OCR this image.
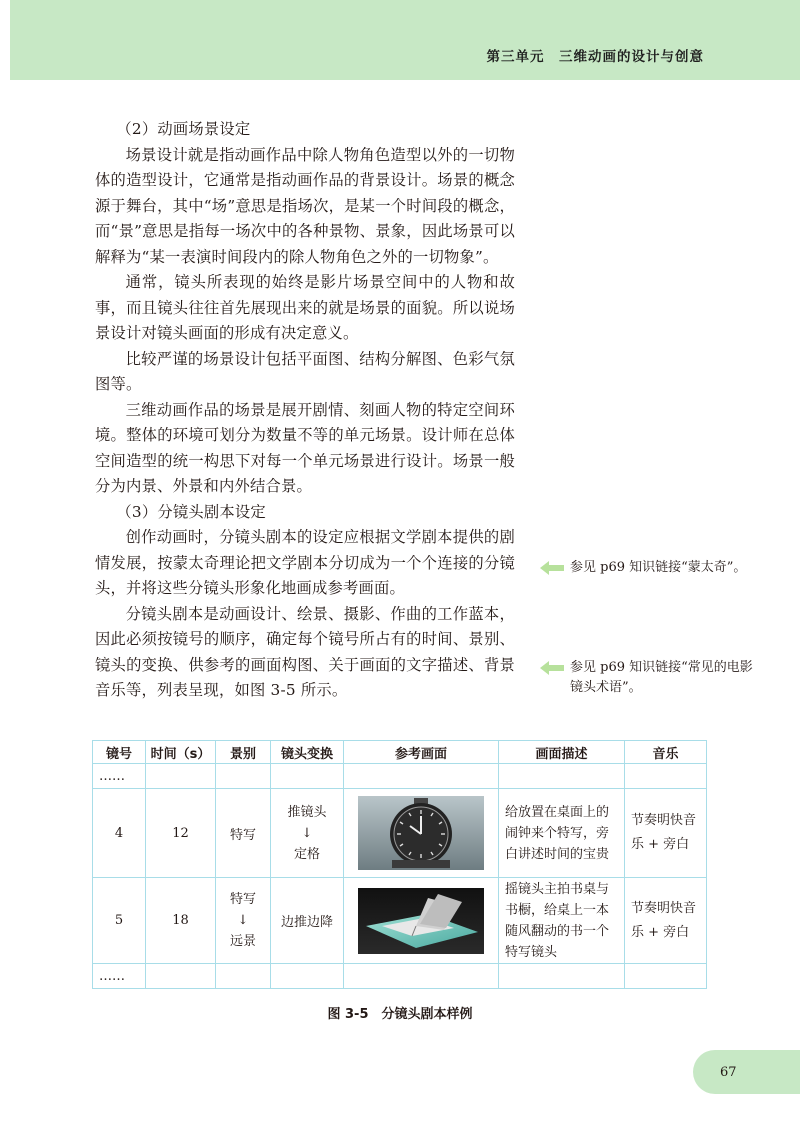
第三单元　三维动画的设计与创意

（2）动画场景设定

场景设计就是指动画作品中除人物角色造型以外的一切物体的造型设计，它通常是指动画作品的背景设计。场景的概念源于舞台，其中“场”意思是指场次，是某一个时间段的概念，而“景”意思是指每一场次中的各种景物、景象，因此场景可以解释为“某一表演时间段内的除人物角色之外的一切物象”。

通常，镜头所表现的始终是影片场景空间中的人物和故事，而且镜头往往首先展现出来的就是场景的面貌。所以说场景设计对镜头画面的形成有决定意义。

比较严谨的场景设计包括平面图、结构分解图、色彩气氛图等。

三维动画作品的场景是展开剧情、刻画人物的特定空间环境。整体的环境可划分为数量不等的单元场景。设计师在总体空间造型的统一构思下对每一个单元场景进行设计。场景一般分为内景、外景和内外结合景。

（3）分镜头剧本设定

创作动画时，分镜头剧本的设定应根据文学剧本提供的剧情发展，按蒙太奇理论把文学剧本分切成为一个个连接的分镜头，并将这些分镜头形象化地画成参考画面。

分镜头剧本是动画设计、绘景、摄影、作曲的工作蓝本，因此必须按镜号的顺序，确定每个镜号所占有的时间、景别、镜头的变换、供参考的画面构图、关于画面的文字描述、背景音乐等，列表呈现，如图 3-5 所示。

参见 p69 知识链接“蒙太奇”。
参见 p69 知识链接“常见的电影镜头术语”。
镜号	时间（s）	景别	镜头变换	参考画面	画面描述	音乐
……						
4	12	特写	推镜头
↓
定格		给放置在桌面上的闹钟来个特写，旁白讲述时间的宝贵	节奏明快音乐 + 旁白
5	18	特写
↓
远景	边推边降		摇镜头主拍书桌与书橱，给桌上一本随风翻动的书一个特写镜头	节奏明快音乐 + 旁白
……						
图 3-5　分镜头剧本样例
67
